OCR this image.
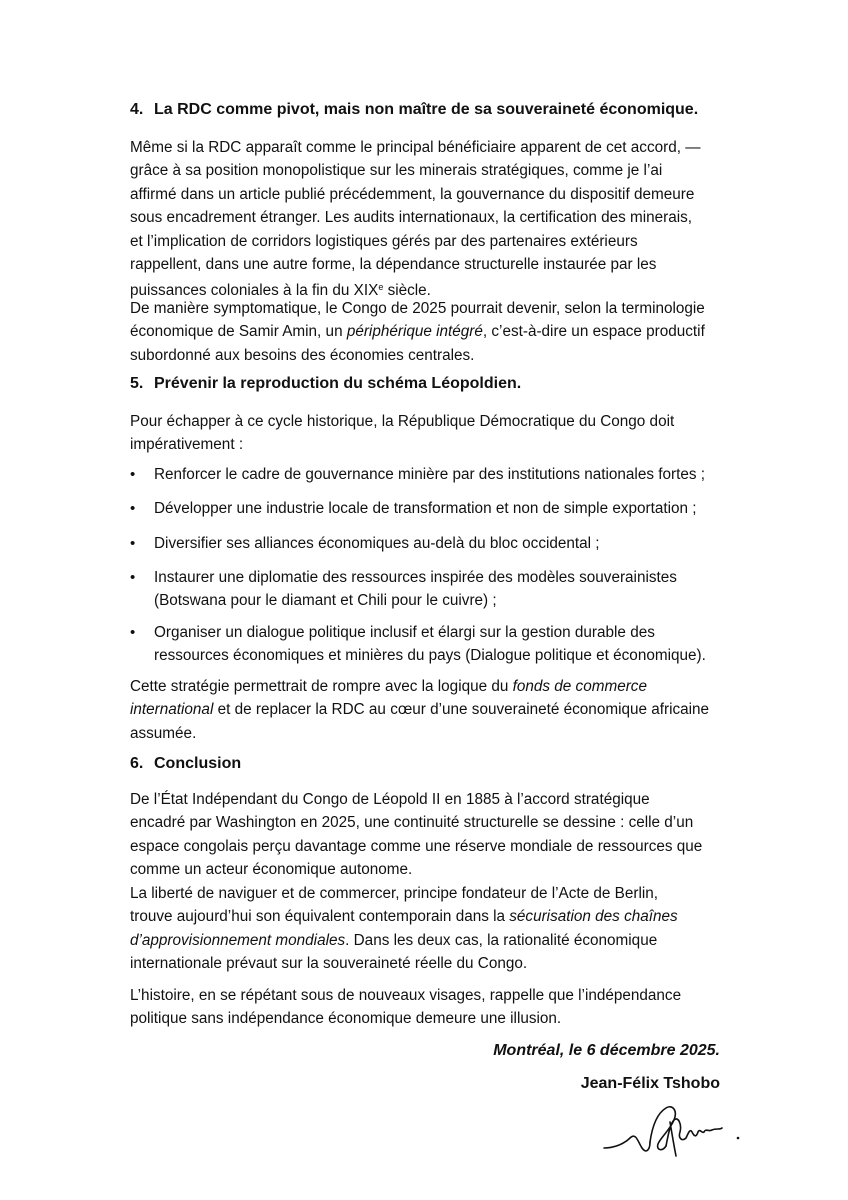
4. La RDC comme pivot, mais non maître de sa souveraineté économique.

Même si la RDC apparaît comme le principal bénéficiaire apparent de cet accord, —
grâce à sa position monopolistique sur les minerais stratégiques, comme je l’ai
affirmé dans un article publié précédemment, la gouvernance du dispositif demeure
sous encadrement étranger. Les audits internationaux, la certification des minerais,
et l’implication de corridors logistiques gérés par des partenaires extérieurs
rappellent, dans une autre forme, la dépendance structurelle instaurée par les
puissances coloniales à la fin du XIXe siècle.

De manière symptomatique, le Congo de 2025 pourrait devenir, selon la terminologie
économique de Samir Amin, un périphérique intégré, c’est-à-dire un espace productif
subordonné aux besoins des économies centrales.

5. Prévenir la reproduction du schéma Léopoldien.

Pour échapper à ce cycle historique, la République Démocratique du Congo doit
impérativement :

•	Renforcer le cadre de gouvernance minière par des institutions nationales fortes ;
•	Développer une industrie locale de transformation et non de simple exportation ;
•	Diversifier ses alliances économiques au-delà du bloc occidental ;
•	Instaurer une diplomatie des ressources inspirée des modèles souverainistes
(Botswana pour le diamant et Chili pour le cuivre) ;
•	Organiser un dialogue politique inclusif et élargi sur la gestion durable des
ressources économiques et minières du pays (Dialogue politique et économique).

Cette stratégie permettrait de rompre avec la logique du fonds de commerce
international et de replacer la RDC au cœur d’une souveraineté économique africaine
assumée.

6. Conclusion

De l’État Indépendant du Congo de Léopold II en 1885 à l’accord stratégique
encadré par Washington en 2025, une continuité structurelle se dessine : celle d’un
espace congolais perçu davantage comme une réserve mondiale de ressources que
comme un acteur économique autonome.

La liberté de naviguer et de commercer, principe fondateur de l’Acte de Berlin,
trouve aujourd’hui son équivalent contemporain dans la sécurisation des chaînes
d’approvisionnement mondiales. Dans les deux cas, la rationalité économique
internationale prévaut sur la souveraineté réelle du Congo.

L’histoire, en se répétant sous de nouveaux visages, rappelle que l’indépendance
politique sans indépendance économique demeure une illusion.

Montréal, le 6 décembre 2025.

Jean-Félix Tshobo
